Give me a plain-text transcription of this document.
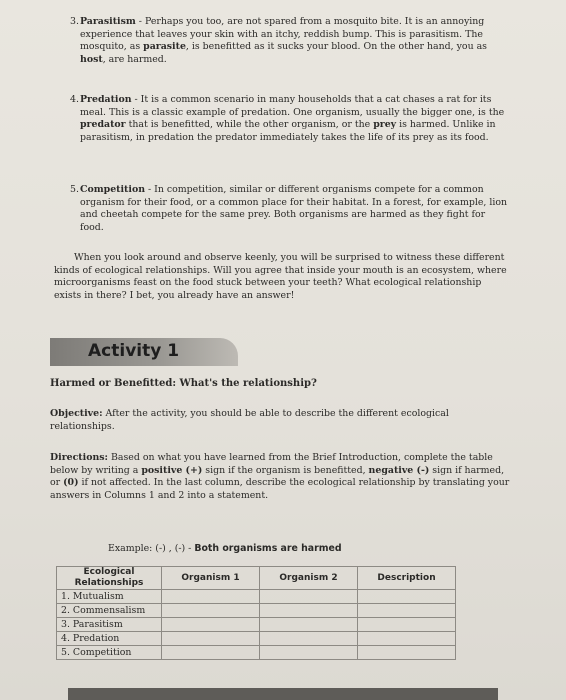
3. Parasitism - Perhaps you too, are not spared from a mosquito bite. It is an annoying experience that leaves your skin with an itchy, reddish bump. This is parasitism. The mosquito, as parasite, is benefitted as it sucks your blood. On the other hand, you as host, are harmed.
4. Predation - It is a common scenario in many households that a cat chases a rat for its meal. This is a classic example of predation. One organism, usually the bigger one, is the predator that is benefitted, while the other organism, or the prey is harmed. Unlike in parasitism, in predation the predator immediately takes the life of its prey as its food.
5. Competition - In competition, similar or different organisms compete for a common organism for their food, or a common place for their habitat. In a forest, for example, lion and cheetah compete for the same prey. Both organisms are harmed as they fight for food.
When you look around and observe keenly, you will be surprised to witness these different kinds of ecological relationships. Will you agree that inside your mouth is an ecosystem, where microorganisms feast on the food stuck between your teeth? What ecological relationship exists in there? I bet, you already have an answer!
Activity 1
Harmed or Benefitted: What's the relationship?
Objective: After the activity, you should be able to describe the different ecological relationships.
Directions: Based on what you have learned from the Brief Introduction, complete the table below by writing a positive (+) sign if the organism is benefitted, negative (-) sign if harmed, or (0) if not affected. In the last column, describe the ecological relationship by translating your answers in Columns 1 and 2 into a statement.
Example: (-) , (-) - Both organisms are harmed
Ecological Relationships	Organism 1	Organism 2	Description
1. Mutualism			
2. Commensalism			
3. Parasitism			
4. Predation			
5. Competition			
